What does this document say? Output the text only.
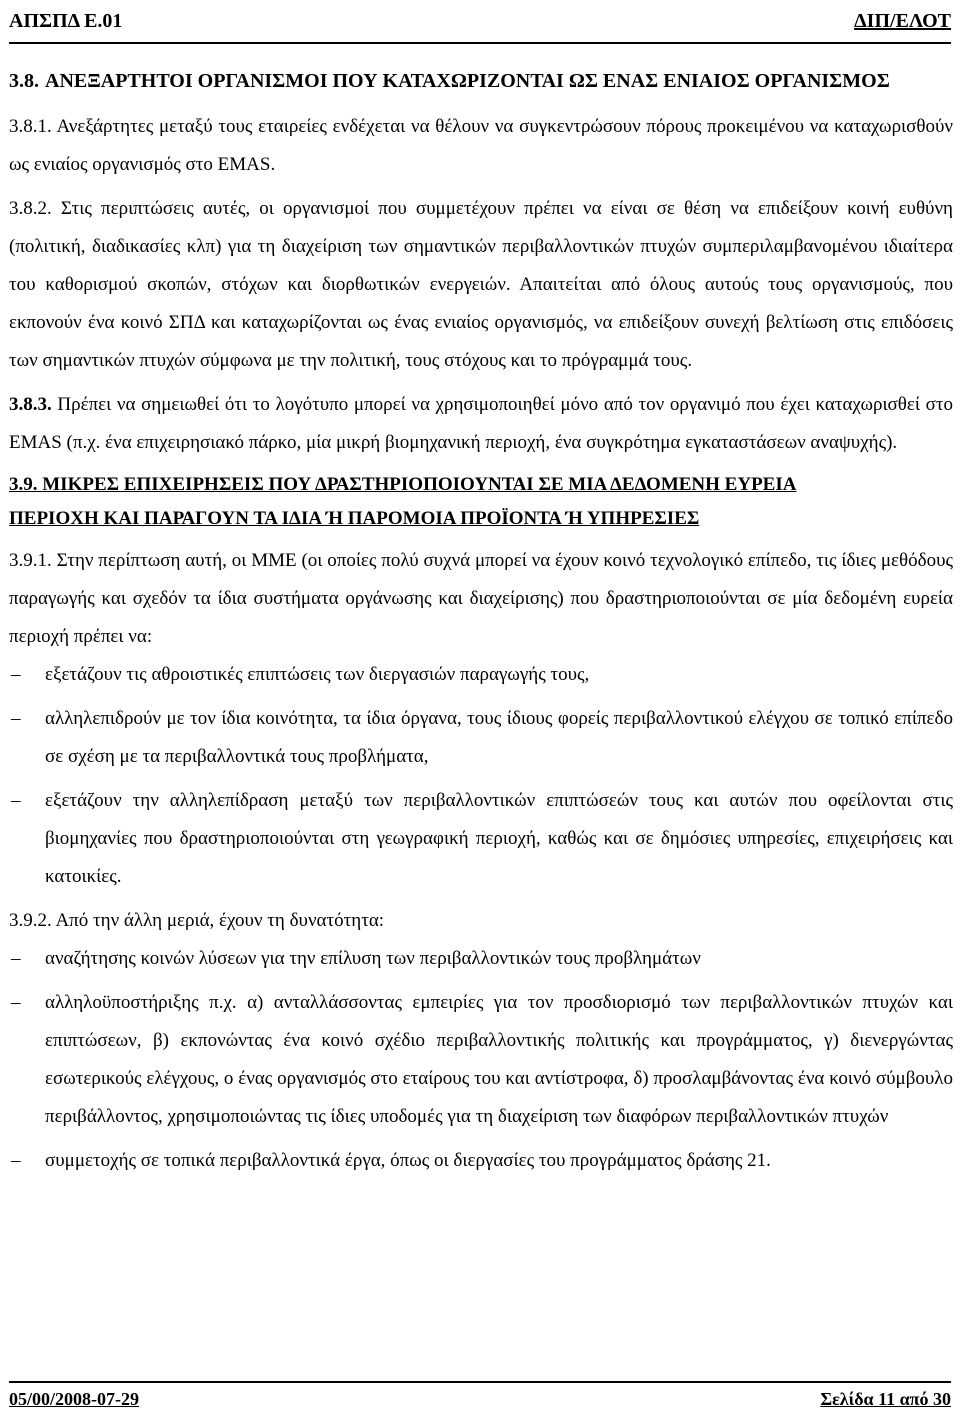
ΑΠΣΠΔ Ε.01	ΔΙΠ/ΕΛΟΤ

3.8. ΑΝΕΞΑΡΤΗΤΟΙ ΟΡΓΑΝΙΣΜΟΙ ΠΟΥ ΚΑΤΑΧΩΡΙΖΟΝΤΑΙ ΩΣ ΕΝΑΣ ΕΝΙΑΙΟΣ ΟΡΓΑΝΙΣΜΟΣ

3.8.1. Ανεξάρτητες μεταξύ τους εταιρείες ενδέχεται να θέλουν να συγκεντρώσουν πόρους προκειμένου να καταχωρισθούν ως ενιαίος οργανισμός στο EMAS.

3.8.2. Στις περιπτώσεις αυτές, οι οργανισμοί που συμμετέχουν πρέπει να είναι σε θέση να επιδείξουν κοινή ευθύνη (πολιτική, διαδικασίες κλπ) για τη διαχείριση των σημαντικών περιβαλλοντικών πτυχών συμπεριλαμβανομένου ιδιαίτερα του καθορισμού σκοπών, στόχων και διορθωτικών ενεργειών. Απαιτείται από όλους αυτούς τους οργανισμούς, που εκπονούν ένα κοινό ΣΠΔ και καταχωρίζονται ως ένας ενιαίος οργανισμός, να επιδείξουν συνεχή βελτίωση στις επιδόσεις των σημαντικών πτυχών σύμφωνα με την πολιτική, τους στόχους και το πρόγραμμά τους.

3.8.3. Πρέπει να σημειωθεί ότι το λογότυπο μπορεί να χρησιμοποιηθεί μόνο από τον οργανιμό που έχει καταχωρισθεί στο EMAS (π.χ. ένα επιχειρησιακό πάρκο, μία μικρή βιομηχανική περιοχή, ένα συγκρότημα εγκαταστάσεων αναψυχής).

3.9. ΜΙΚΡΕΣ ΕΠΙΧΕΙΡΗΣΕΙΣ ΠΟΥ ΔΡΑΣΤΗΡΙΟΠΟΙΟΥΝΤΑΙ ΣΕ ΜΙΑ ΔΕΔΟΜΕΝΗ ΕΥΡΕΙΑ

ΠΕΡΙΟΧΗ ΚΑΙ ΠΑΡΑΓΟΥΝ ΤΑ ΙΔΙΑ Ή ΠΑΡΟΜΟΙΑ ΠΡΟΪΟΝΤΑ Ή ΥΠΗΡΕΣΙΕΣ

3.9.1. Στην περίπτωση αυτή, οι ΜΜΕ (οι οποίες πολύ συχνά μπορεί να έχουν κοινό τεχνολογικό επίπεδο, τις ίδιες μεθόδους παραγωγής και σχεδόν τα ίδια συστήματα οργάνωσης και διαχείρισης) που δραστηριοποιούνται σε μία δεδομένη ευρεία περιοχή πρέπει να:

– εξετάζουν τις αθροιστικές επιπτώσεις των διεργασιών παραγωγής τους,

– αλληλεπιδρούν με τον ίδια κοινότητα, τα ίδια όργανα, τους ίδιους φορείς περιβαλλοντικού ελέγχου σε τοπικό επίπεδο σε σχέση με τα περιβαλλοντικά τους προβλήματα,

– εξετάζουν την αλληλεπίδραση μεταξύ των περιβαλλοντικών επιπτώσεών τους και αυτών που οφείλονται στις βιομηχανίες που δραστηριοποιούνται στη γεωγραφική περιοχή, καθώς και σε δημόσιες υπηρεσίες, επιχειρήσεις και κατοικίες.

3.9.2. Από την άλλη μεριά, έχουν τη δυνατότητα:

– αναζήτησης κοινών λύσεων για την επίλυση των περιβαλλοντικών τους προβλημάτων

– αλληλοϋποστήριξης π.χ. α) ανταλλάσσοντας εμπειρίες για τον προσδιορισμό των περιβαλλοντικών πτυχών και επιπτώσεων, β) εκπονώντας ένα κοινό σχέδιο περιβαλλοντικής πολιτικής και προγράμματος, γ) διενεργώντας εσωτερικούς ελέγχους, ο ένας οργανισμός στο εταίρους του και αντίστροφα, δ) προσλαμβάνοντας ένα κοινό σύμβουλο περιβάλλοντος, χρησιμοποιώντας τις ίδιες υποδομές για τη διαχείριση των διαφόρων περιβαλλοντικών πτυχών

– συμμετοχής σε τοπικά περιβαλλοντικά έργα, όπως οι διεργασίες του προγράμματος δράσης 21.

05/00/2008-07-29	Σελίδα 11 από 30
